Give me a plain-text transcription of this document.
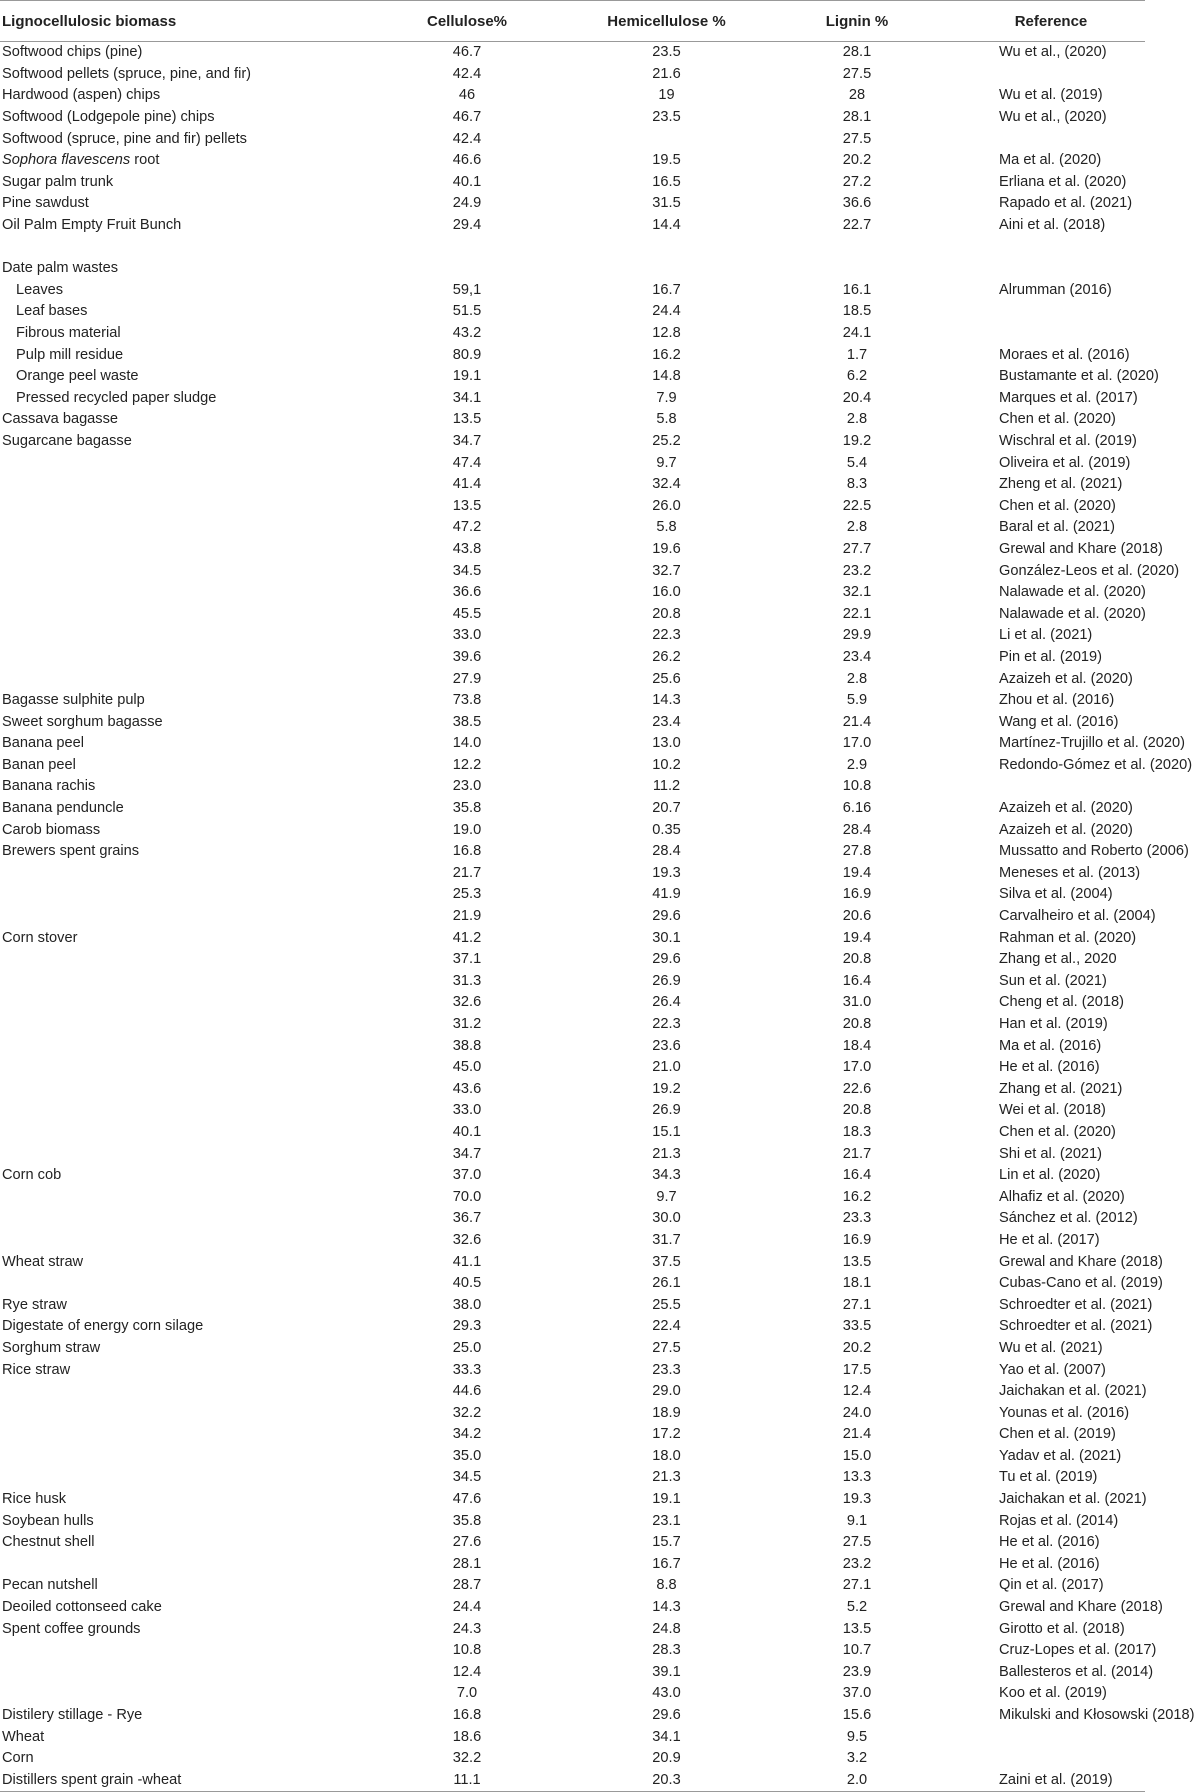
Lignocellulosic biomass	Cellulose%	Hemicellulose %	Lignin %	Reference
Softwood chips (pine)	46.7	23.5	28.1	Wu et al., (2020)
Softwood pellets (spruce, pine, and fir)	42.4	21.6	27.5	
Hardwood (aspen) chips	46	19	28	Wu et al. (2019)
Softwood (Lodgepole pine) chips	46.7	23.5	28.1	Wu et al., (2020)
Softwood (spruce, pine and fir) pellets	42.4		27.5	
Sophora flavescens root	46.6	19.5	20.2	Ma et al. (2020)
Sugar palm trunk	40.1	16.5	27.2	Erliana et al. (2020)
Pine sawdust	24.9	31.5	36.6	Rapado et al. (2021)
Oil Palm Empty Fruit Bunch	29.4	14.4	22.7	Aini et al. (2018)

Date palm wastes				
Leaves	59,1	16.7	16.1	Alrumman (2016)
Leaf bases	51.5	24.4	18.5	
Fibrous material	43.2	12.8	24.1	
Pulp mill residue	80.9	16.2	1.7	Moraes et al. (2016)
Orange peel waste	19.1	14.8	6.2	Bustamante et al. (2020)
Pressed recycled paper sludge	34.1	7.9	20.4	Marques et al. (2017)
Cassava bagasse	13.5	5.8	2.8	Chen et al. (2020)
Sugarcane bagasse	34.7	25.2	19.2	Wischral et al. (2019)
	47.4	9.7	5.4	Oliveira et al. (2019)
	41.4	32.4	8.3	Zheng et al. (2021)
	13.5	26.0	22.5	Chen et al. (2020)
	47.2	5.8	2.8	Baral et al. (2021)
	43.8	19.6	27.7	Grewal and Khare (2018)
	34.5	32.7	23.2	González-Leos et al. (2020)
	36.6	16.0	32.1	Nalawade et al. (2020)
	45.5	20.8	22.1	Nalawade et al. (2020)
	33.0	22.3	29.9	Li et al. (2021)
	39.6	26.2	23.4	Pin et al. (2019)
	27.9	25.6	2.8	Azaizeh et al. (2020)
Bagasse sulphite pulp	73.8	14.3	5.9	Zhou et al. (2016)
Sweet sorghum bagasse	38.5	23.4	21.4	Wang et al. (2016)
Banana peel	14.0	13.0	17.0	Martínez-Trujillo et al. (2020)
Banan peel	12.2	10.2	2.9	Redondo-Gómez et al. (2020)
Banana rachis	23.0	11.2	10.8	
Banana penduncle	35.8	20.7	6.16	Azaizeh et al. (2020)
Carob biomass	19.0	0.35	28.4	Azaizeh et al. (2020)
Brewers spent grains	16.8	28.4	27.8	Mussatto and Roberto (2006)
	21.7	19.3	19.4	Meneses et al. (2013)
	25.3	41.9	16.9	Silva et al. (2004)
	21.9	29.6	20.6	Carvalheiro et al. (2004)
Corn stover	41.2	30.1	19.4	Rahman et al. (2020)
	37.1	29.6	20.8	Zhang et al., 2020
	31.3	26.9	16.4	Sun et al. (2021)
	32.6	26.4	31.0	Cheng et al. (2018)
	31.2	22.3	20.8	Han et al. (2019)
	38.8	23.6	18.4	Ma et al. (2016)
	45.0	21.0	17.0	He et al. (2016)
	43.6	19.2	22.6	Zhang et al. (2021)
	33.0	26.9	20.8	Wei et al. (2018)
	40.1	15.1	18.3	Chen et al. (2020)
	34.7	21.3	21.7	Shi et al. (2021)
Corn cob	37.0	34.3	16.4	Lin et al. (2020)
	70.0	9.7	16.2	Alhafiz et al. (2020)
	36.7	30.0	23.3	Sánchez et al. (2012)
	32.6	31.7	16.9	He et al. (2017)
Wheat straw	41.1	37.5	13.5	Grewal and Khare (2018)
	40.5	26.1	18.1	Cubas-Cano et al. (2019)
Rye straw	38.0	25.5	27.1	Schroedter et al. (2021)
Digestate of energy corn silage	29.3	22.4	33.5	Schroedter et al. (2021)
Sorghum straw	25.0	27.5	20.2	Wu et al. (2021)
Rice straw	33.3	23.3	17.5	Yao et al. (2007)
	44.6	29.0	12.4	Jaichakan et al. (2021)
	32.2	18.9	24.0	Younas et al. (2016)
	34.2	17.2	21.4	Chen et al. (2019)
	35.0	18.0	15.0	Yadav et al. (2021)
	34.5	21.3	13.3	Tu et al. (2019)
Rice husk	47.6	19.1	19.3	Jaichakan et al. (2021)
Soybean hulls	35.8	23.1	9.1	Rojas et al. (2014)
Chestnut shell	27.6	15.7	27.5	He et al. (2016)
	28.1	16.7	23.2	He et al. (2016)
Pecan nutshell	28.7	8.8	27.1	Qin et al. (2017)
Deoiled cottonseed cake	24.4	14.3	5.2	Grewal and Khare (2018)
Spent coffee grounds	24.3	24.8	13.5	Girotto et al. (2018)
	10.8	28.3	10.7	Cruz-Lopes et al. (2017)
	12.4	39.1	23.9	Ballesteros et al. (2014)
	7.0	43.0	37.0	Koo et al. (2019)
Distilery stillage - Rye	16.8	29.6	15.6	Mikulski and Kłosowski (2018)
Wheat	18.6	34.1	9.5	
Corn	32.2	20.9	3.2	
Distillers spent grain -wheat	11.1	20.3	2.0	Zaini et al. (2019)
